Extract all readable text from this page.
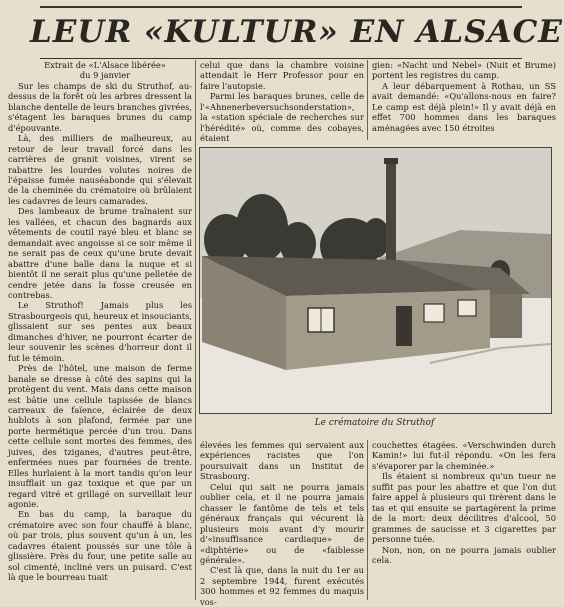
LEUR «KULTUR» EN ALSACE

Extrait de «L'Alsace libérée»

du 9 janvier

Sur les champs de ski du Struthof, au-dessus de la forêt où les arbres dressent la blanche dentelle de leurs branches givrées, s'étagent les baraques brunes du camp d'épouvante.

Là, des milliers de malheureux, au retour de leur travail forcé dans les carrières de granit voisines, virent se rabattre les lourdes volutes noires de l'épaisse fumée nauséabonde qui s'élevait de la cheminée du crématoire où brûlaient les cadavres de leurs camarades.

Des lambeaux de brume traînaient sur les vallées, et chacun des bagnards aux vêtements de coutil rayé bleu et blanc se demandait avec angoisse si ce soir même il ne serait pas de ceux qu'une brute devait abattre d'une balle dans la nuque et si bientôt il ne serait plus qu'une pelletée de cendre jetée dans la fosse creusée en contrebas.

Le Struthof! Jamais plus les Strasbourgeois qui, heureux et insouciants, glissaient sur ses pentes aux beaux dimanches d'hiver, ne pourront écarter de leur souvenir les scènes d'horreur dont il fut le témoin.

Près de l'hôtel, une maison de ferme banale se dresse à côté des sapins qui la protègent du vent. Mais dans cette maison est bâtie une cellule tapissée de blancs carreaux de faïence, éclairée de deux hublots à son plafond, fermée par une porte hermétique percée d'un trou. Dans cette cellule sont mortes des femmes, des juives, des tziganes, d'autres peut-être, enfermées nues par fournées de trente. Elles hurlaient à la mort tandis qu'on leur insufflait un gaz toxique et que par un regard vitré et grillagé on surveillait leur agonie.

En bas du camp, la baraque du crématoire avec son four chauffé à blanc, où par trois, plus souvent qu'un à un, les cadavres étaient poussés sur une tôle à glissière. Près du four, une petite salle au sol cimenté, incliné vers un puisard. C'est là que le bourreau tuait

celui que dans la chambre voisine attendait le Herr Professor pour en faire l'autopsie.

Parmi les baraques brunes, celle de l'«Ahnenerbeversuchsonderstation», la «station spéciale de recherches sur l'hérédité» où, comme des cobayes, étaient

gien: «Nacht und Nebel» (Nuit et Brume) portent les registres du camp.

A leur débarquement à Rothau, un SS avait demandé: «Qu'allons-nous en faire? Le camp est déjà plein!» Il y avait déjà en effet 700 hommes dans les baraques aménagées avec 150 étroites

Le crématoire du Struthof

élevées les femmes qui servaient aux expériences racistes que l'on poursuivait dans un Institut de Strasbourg.

Celui qui sait ne pourra jamais oublier cela, et il ne pourra jamais chasser le fantôme de tels et tels généraux français qui vécurent là plusieurs mois avant d'y mourir d'«insuffisance cardiaque» de «diphtérie» ou de «faiblesse générale».

C'est là que, dans la nuit du 1er au 2 septembre 1944, furent exécutés 300 hommes et 92 femmes du maquis vos-

couchettes étagées. «Verschwinden durch Kamin!» lui fut-il répondu. «On les fera s'évaporer par la cheminée.»

Ils étaient si nombreux qu'un tueur ne suffit pas pour les abattre et que l'on dut faire appel à plusieurs qui tirèrent dans le tas et qui ensuite se partagèrent la prime de la mort: deux décilitres d'alcool, 50 grammes de saucisse et 3 cigarettes par personne tuée.

Non, non, on ne pourra jamais oublier cela.
